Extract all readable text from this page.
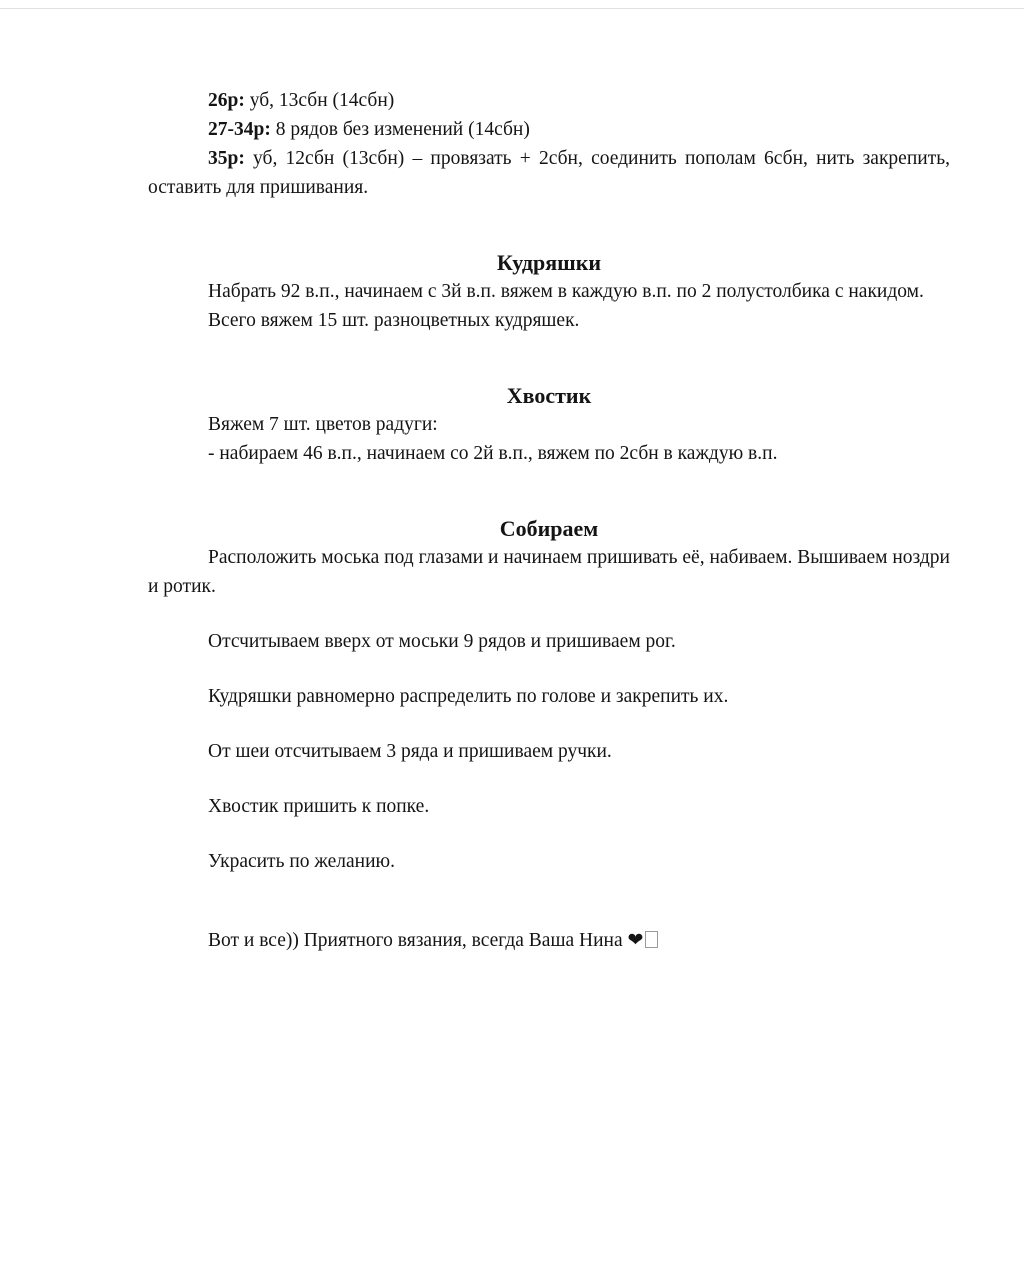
26р: уб, 13сбн (14сбн)

27-34р: 8 рядов без изменений (14сбн)

35р: уб, 12сбн (13сбн) – провязать + 2сбн, соединить пополам 6сбн, нить закрепить, оставить для пришивания.

Кудряшки

Набрать 92 в.п., начинаем с 3й в.п. вяжем в каждую в.п. по 2 полустолбика с накидом.

Всего вяжем 15 шт. разноцветных кудряшек.

Хвостик

Вяжем 7 шт. цветов радуги:

- набираем 46 в.п., начинаем со 2й в.п., вяжем по 2сбн в каждую в.п.

Собираем

Расположить моська под глазами и начинаем пришивать её, набиваем. Вышиваем ноздри и ротик.

Отсчитываем вверх от моськи 9 рядов и пришиваем рог.

Кудряшки равномерно распределить по голове и закрепить их.

От шеи отсчитываем 3 ряда и пришиваем ручки.

Хвостик пришить к попке.

Украсить по желанию.

Вот и все)) Приятного вязания, всегда Ваша Нина ❤
